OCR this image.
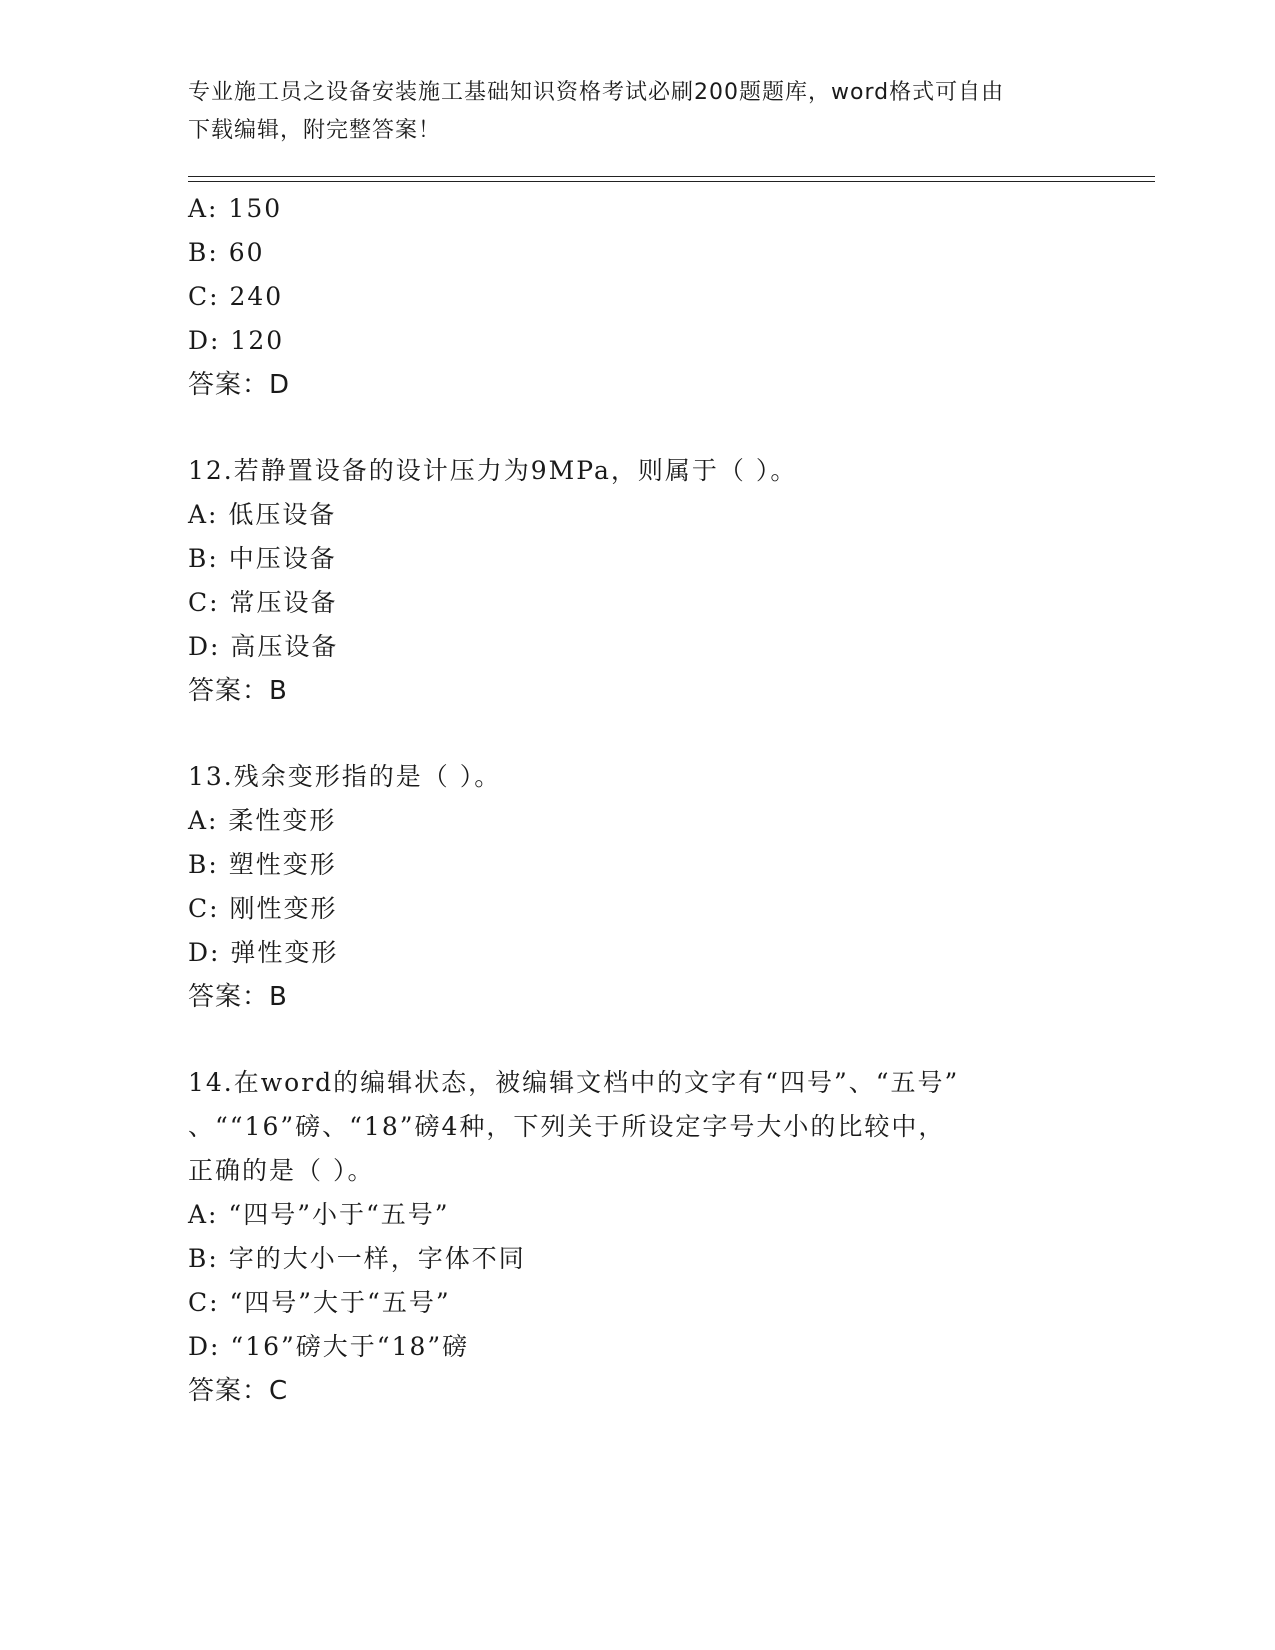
专业施工员之设备安装施工基础知识资格考试必刷200题题库，word格式可自由
下载编辑，附完整答案！
A: 150
B: 60
C: 240
D: 120
答案：D
12.若静置设备的设计压力为9MPa，则属于（ ）。
A: 低压设备
B: 中压设备
C: 常压设备
D: 高压设备
答案：B
13.残余变形指的是（ ）。
A: 柔性变形
B: 塑性变形
C: 刚性变形
D: 弹性变形
答案：B
14.在word的编辑状态，被编辑文档中的文字有“四号”、“五号”
、““16”磅、“18”磅4种，下列关于所设定字号大小的比较中，
正确的是（ ）。
A: “四号”小于“五号”
B: 字的大小一样，字体不同
C: “四号”大于“五号”
D: “16”磅大于“18”磅
答案：C
